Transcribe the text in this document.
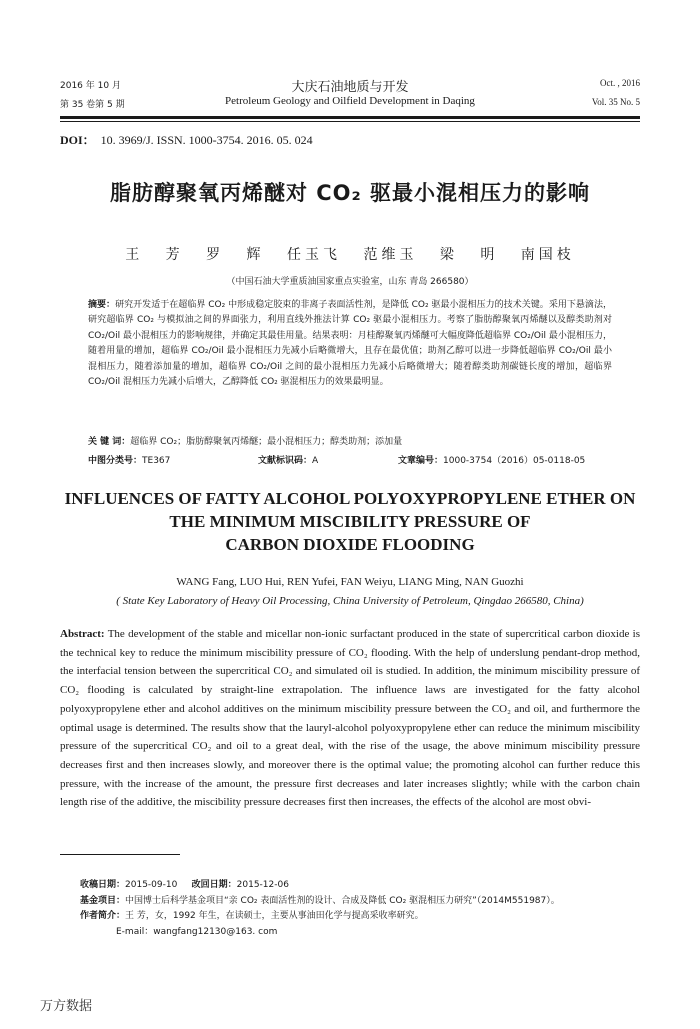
2016 年 10 月
第 35 卷第 5 期
大庆石油地质与开发
Petroleum Geology and Oilfield Development in Daqing
Oct. , 2016
Vol. 35 No. 5
DOI： 10. 3969/J. ISSN. 1000-3754. 2016. 05. 024
脂肪醇聚氧丙烯醚对 CO₂ 驱最小混相压力的影响
王 芳 罗 辉 任玉飞 范维玉 梁 明 南国枝
（中国石油大学重质油国家重点实验室，山东 青岛 266580）
摘要：研究开发适于在超临界 CO₂ 中形成稳定胶束的非离子表面活性剂，是降低 CO₂ 驱最小混相压力的技术关键。采用下悬滴法，研究超临界 CO₂ 与模拟油之间的界面张力，利用直线外推法计算 CO₂ 驱最小混相压力。考察了脂肪醇聚氧丙烯醚以及醇类助剂对 CO₂/Oil 最小混相压力的影响规律，并确定其最佳用量。结果表明：月桂醇聚氧丙烯醚可大幅度降低超临界 CO₂/Oil 最小混相压力，随着用量的增加，超临界 CO₂/Oil 最小混相压力先减小后略微增大，且存在最优值；助剂乙醇可以进一步降低超临界 CO₂/Oil 最小混相压力，随着添加量的增加，超临界 CO₂/Oil 之间的最小混相压力先减小后略微增大；随着醇类助剂碳链长度的增加，超临界 CO₂/Oil 混相压力先减小后增大，乙醇降低 CO₂ 驱混相压力的效果最明显。
关 键 词：超临界 CO₂；脂肪醇聚氧丙烯醚；最小混相压力；醇类助剂；添加量
中图分类号：TE367	文献标识码：A	文章编号：1000-3754（2016）05-0118-05
INFLUENCES OF FATTY ALCOHOL POLYOXYPROPYLENE ETHER ON
THE MINIMUM MISCIBILITY PRESSURE OF
CARBON DIOXIDE FLOODING
WANG Fang, LUO Hui, REN Yufei, FAN Weiyu, LIANG Ming, NAN Guozhi
( State Key Laboratory of Heavy Oil Processing, China University of Petroleum, Qingdao 266580, China)
Abstract: The development of the stable and micellar non-ionic surfactant produced in the state of supercritical carbon dioxide is the technical key to reduce the minimum miscibility pressure of CO₂ flooding. With the help of underslung pendant-drop method, the interfacial tension between the supercritical CO₂ and simulated oil is studied. In addition, the minimum miscibility pressure of CO₂ flooding is calculated by straight-line extrapolation. The influence laws are investigated for the fatty alcohol polyoxypropylene ether and alcohol additives on the minimum miscibility pressure between the CO₂ and oil, and furthermore the optimal usage is determined. The results show that the lauryl-alcohol polyoxypropylene ether can reduce the minimum miscibility pressure of the supercritical CO₂ and oil to a great deal, with the rise of the usage, the above minimum miscibility pressure decreases first and then increases slowly, and moreover there is the optimal value; the promoting alcohol can further reduce this pressure, with the increase of the amount, the pressure first decreases and later increases slightly; while with the carbon chain length rise of the additive, the miscibility pressure decreases first then increases, the effects of the alcohol are most obvi-
收稿日期：2015-09-10 改回日期：2015-12-06
基金项目：中国博士后科学基金项目“亲 CO₂ 表面活性剂的设计、合成及降低 CO₂ 驱混相压力研究”（2014M551987）。
作者简介：王 芳，女，1992 年生，在读硕士，主要从事油田化学与提高采收率研究。
E-mail：wangfang12130@163. com
万方数据
